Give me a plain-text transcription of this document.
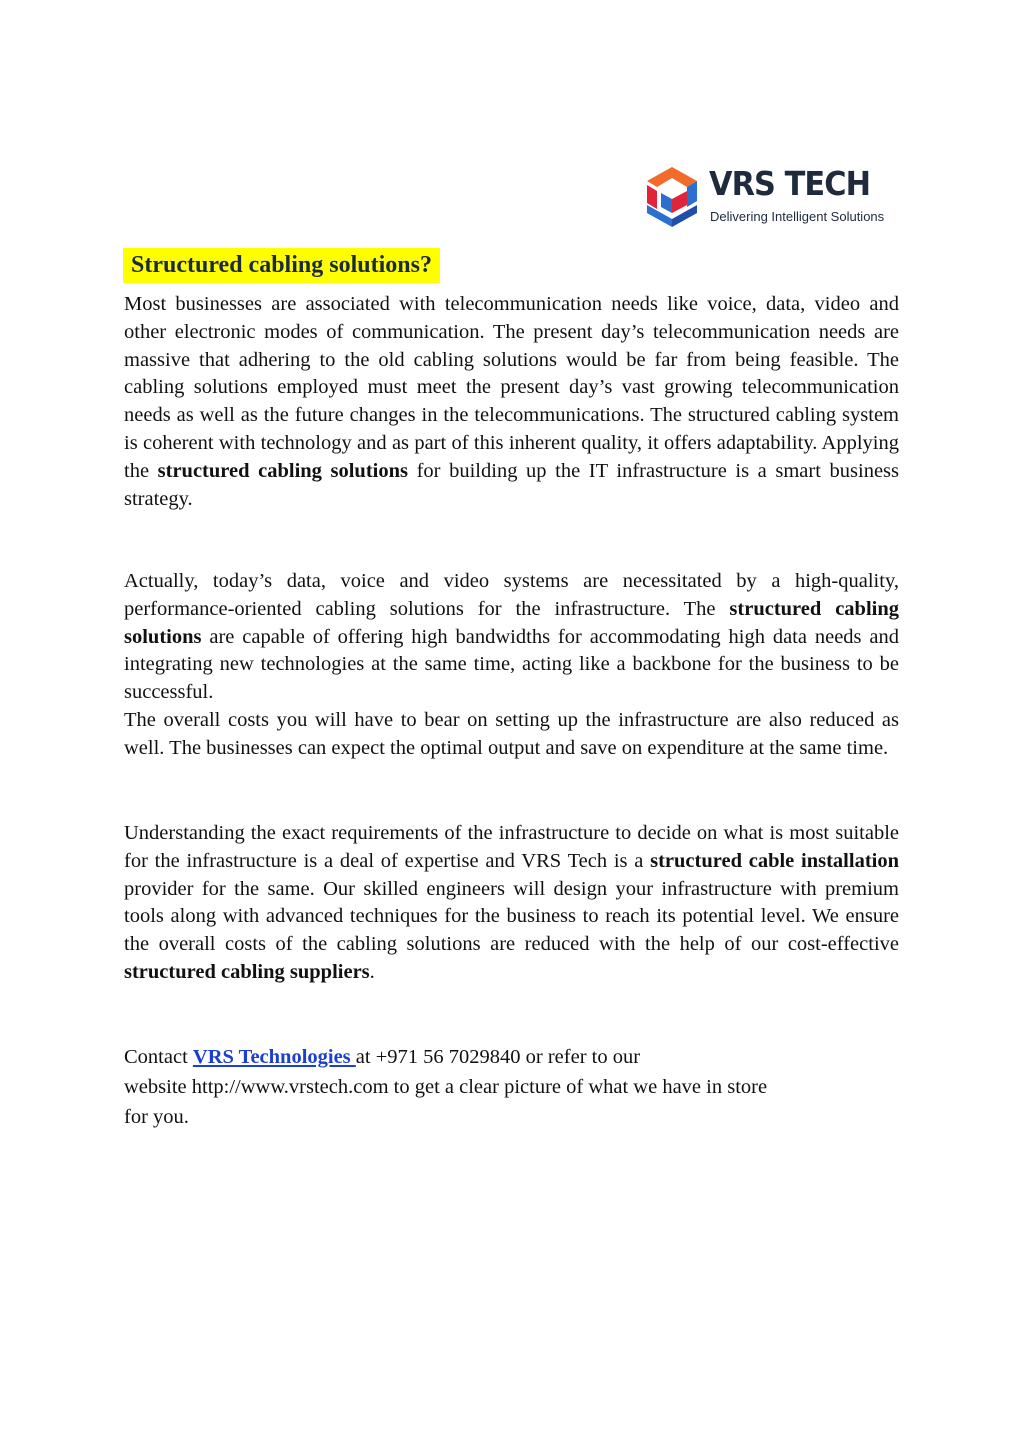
VRS TECH
Delivering Intelligent Solutions
Structured cabling solutions?

Most businesses are associated with telecommunication needs like voice, data, video and other electronic modes of communication. The present day’s telecommunication needs are massive that adhering to the old cabling solutions would be far from being feasible. The cabling solutions employed must meet the present day’s vast growing telecommunication needs as well as the future changes in the telecommunications. The structured cabling system is coherent with technology and as part of this inherent quality, it offers adaptability. Applying the structured cabling solutions for building up the IT infrastructure is a smart business strategy.

Actually, today’s data, voice and video systems are necessitated by a high-quality, performance-oriented cabling solutions for the infrastructure. The structured cabling solutions are capable of offering high bandwidths for accommodating high data needs and integrating new technologies at the same time, acting like a backbone for the business to be successful.
The overall costs you will have to bear on setting up the infrastructure are also reduced as well. The businesses can expect the optimal output and save on expenditure at the same time.

Understanding the exact requirements of the infrastructure to decide on what is most suitable for the infrastructure is a deal of expertise and VRS Tech is a structured cable installation provider for the same. Our skilled engineers will design your infrastructure with premium tools along with advanced techniques for the business to reach its potential level. We ensure the overall costs of the cabling solutions are reduced with the help of our cost-effective structured cabling suppliers.

Contact VRS Technologies at +971 56 7029840 or refer to our
website http://www.vrstech.com to get a clear picture of what we have in store
for you.
